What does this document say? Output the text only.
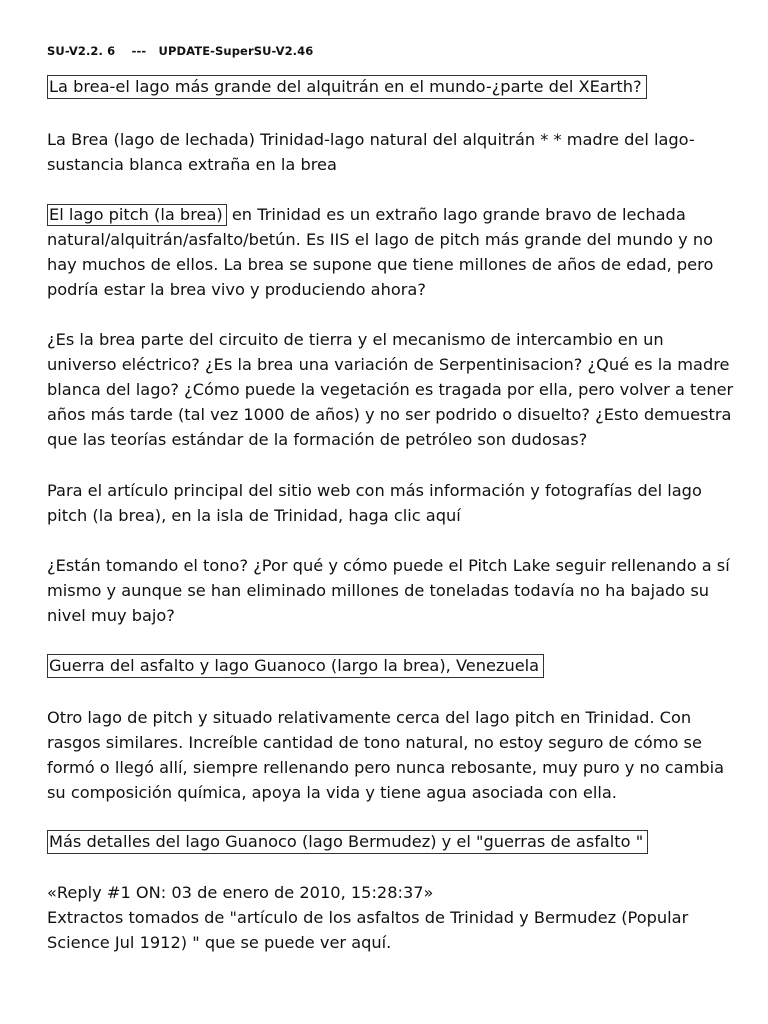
SU-V2.2. 6    ---   UPDATE-SuperSU-V2.46
La brea-el lago más grande del alquitrán en el mundo-¿parte del XEarth?

La Brea (lago de lechada) Trinidad-lago natural del alquitrán * * madre del lago-sustancia blanca extraña en la brea

El lago pitch (la brea) en Trinidad es un extraño lago grande bravo de lechada natural/alquitrán/asfalto/betún. Es IIS el lago de pitch más grande del mundo y no hay muchos de ellos. La brea se supone que tiene millones de años de edad, pero podría estar la brea vivo y produciendo ahora?

¿Es la brea parte del circuito de tierra y el mecanismo de intercambio en un universo eléctrico? ¿Es la brea una variación de Serpentinisacion? ¿Qué es la madre blanca del lago? ¿Cómo puede la vegetación es tragada por ella, pero volver a tener años más tarde (tal vez 1000 de años) y no ser podrido o disuelto? ¿Esto demuestra que las teorías estándar de la formación de petróleo son dudosas?

Para el artículo principal del sitio web con más información y fotografías del lago pitch (la brea), en la isla de Trinidad, haga clic aquí

¿Están tomando el tono? ¿Por qué y cómo puede el Pitch Lake seguir rellenando a sí mismo y aunque se han eliminado millones de toneladas todavía no ha bajado su nivel muy bajo?

Guerra del asfalto y lago Guanoco (largo la brea), Venezuela

Otro lago de pitch y situado relativamente cerca del lago pitch en Trinidad. Con rasgos similares. Increíble cantidad de tono natural, no estoy seguro de cómo se formó o llegó allí, siempre rellenando pero nunca rebosante, muy puro y no cambia su composición química, apoya la vida y tiene agua asociada con ella.

Más detalles del lago Guanoco (lago Bermudez) y el "guerras de asfalto "

«Reply #1 ON: 03 de enero de 2010, 15:28:37»

Extractos tomados de "artículo de los asfaltos de Trinidad y Bermudez (Popular Science Jul 1912) " que se puede ver aquí.
